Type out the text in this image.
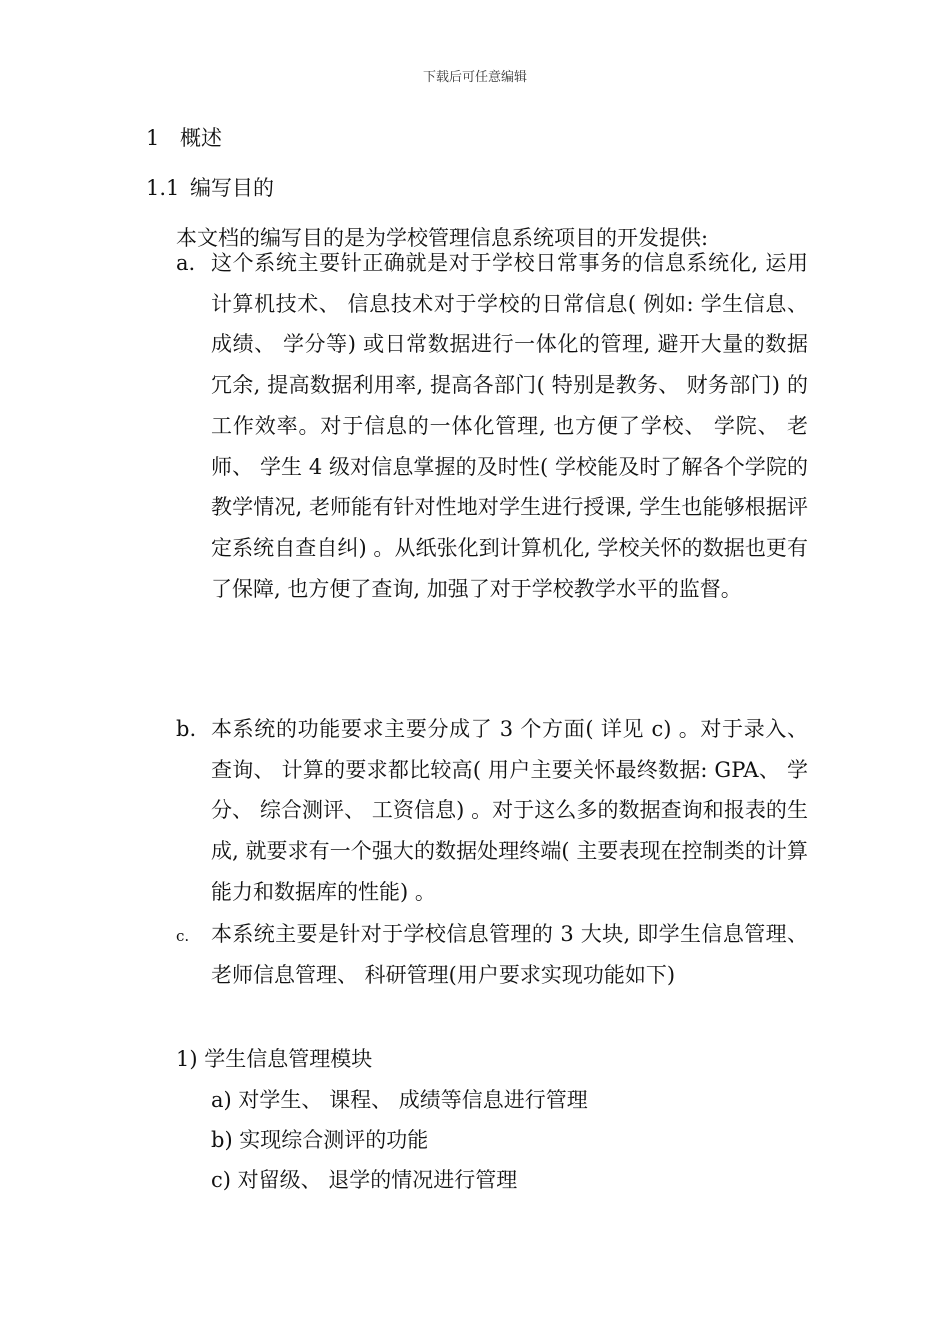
下载后可任意编辑
1 概述
1.1 编写目的
本文档的编写目的是为学校管理信息系统项目的开发提供:
a. 这个系统主要针正确就是对于学校日常事务的信息系统化, 运用计算机技术、 信息技术对于学校的日常信息( 例如: 学生信息、 成绩、 学分等) 或日常数据进行一体化的管理, 避开大量的数据冗余, 提高数据利用率, 提高各部门( 特别是教务、 财务部门) 的工作效率。对于信息的一体化管理, 也方便了学校、 学院、 老师、 学生 4 级对信息掌握的及时性( 学校能及时了解各个学院的教学情况, 老师能有针对性地对学生进行授课, 学生也能够根据评定系统自查自纠) 。从纸张化到计算机化, 学校关怀的数据也更有了保障, 也方便了查询, 加强了对于学校教学水平的监督。
b. 本系统的功能要求主要分成了 3 个方面( 详见 c) 。对于录入、 查询、 计算的要求都比较高( 用户主要关怀最终数据: GPA、 学分、 综合测评、 工资信息) 。对于这么多的数据查询和报表的生成, 就要求有一个强大的数据处理终端( 主要表现在控制类的计算能力和数据库的性能) 。
c.	本系统主要是针对于学校信息管理的 3 大块, 即学生信息管理、 老师信息管理、 科研管理(用户要求实现功能如下)
1) 学生信息管理模块
a) 对学生、 课程、 成绩等信息进行管理
b) 实现综合测评的功能
c) 对留级、 退学的情况进行管理
